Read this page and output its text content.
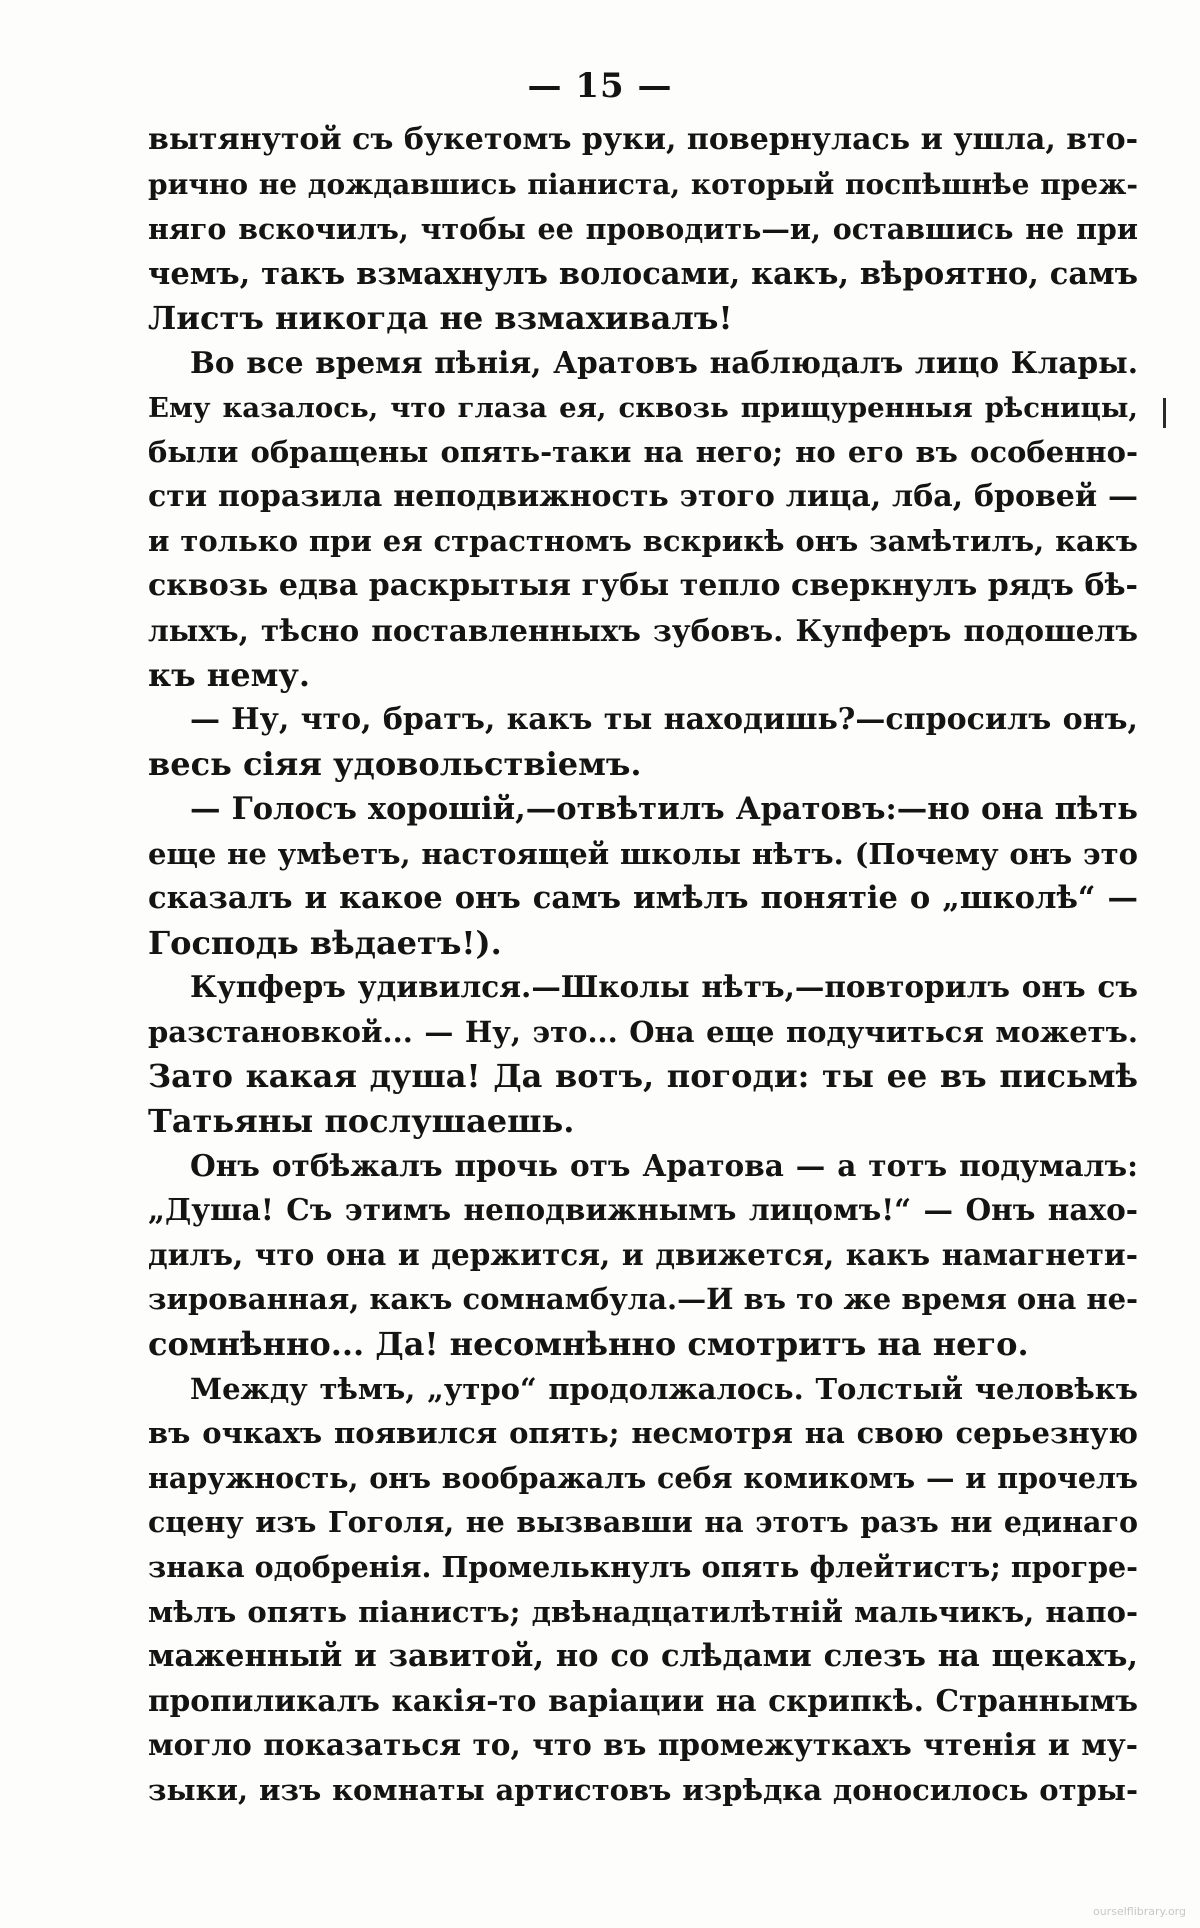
— 15 —
вытянутой съ букетомъ руки, повернулась и ушла, вто-
рично не дождавшись піаниста, который поспѣшнѣе преж-
няго вскочилъ, чтобы ее проводить—и, оставшись не при
чемъ, такъ взмахнулъ волосами, какъ, вѣроятно, самъ
Листъ никогда не взмахивалъ!
Во все время пѣнія, Аратовъ наблюдалъ лицо Клары.
Ему казалось, что глаза ея, сквозь прищуренныя рѣсницы,
были обращены опять-таки на него; но его въ особенно-
сти поразила неподвижность этого лица, лба, бровей —
и только при ея страстномъ вскрикѣ онъ замѣтилъ, какъ
сквозь едва раскрытыя губы тепло сверкнулъ рядъ бѣ-
лыхъ, тѣсно поставленныхъ зубовъ. Купферъ подошелъ
къ нему.
— Ну, что, братъ, какъ ты находишь?—спросилъ онъ,
весь сіяя удовольствіемъ.
— Голосъ хорошій,—отвѣтилъ Аратовъ:—но она пѣть
еще не умѣетъ, настоящей школы нѣтъ. (Почему онъ это
сказалъ и какое онъ самъ имѣлъ понятіе о „школѣ“ —
Господь вѣдаетъ!).
Купферъ удивился.—Школы нѣтъ,—повторилъ онъ съ
разстановкой... — Ну, это... Она еще подучиться можетъ.
Зато какая душа! Да вотъ, погоди: ты ее въ письмѣ
Татьяны послушаешь.
Онъ отбѣжалъ прочь отъ Аратова — а тотъ подумалъ:
„Душа! Съ этимъ неподвижнымъ лицомъ!“ — Онъ нахо-
дилъ, что она и держится, и движется, какъ намагнети-
зированная, какъ сомнамбула.—И въ то же время она не-
сомнѣнно... Да! несомнѣнно смотритъ на него.
Между тѣмъ, „утро“ продолжалось. Толстый человѣкъ
въ очкахъ появился опять; несмотря на свою серьезную
наружность, онъ воображалъ себя комикомъ — и прочелъ
сцену изъ Гоголя, не вызвавши на этотъ разъ ни единаго
знака одобренія. Промелькнулъ опять флейтистъ; прогре-
мѣлъ опять піанистъ; двѣнадцатилѣтній мальчикъ, напо-
маженный и завитой, но со слѣдами слезъ на щекахъ,
пропиликалъ какія-то варіации на скрипкѣ. Страннымъ
могло показаться то, что въ промежуткахъ чтенія и му-
зыки, изъ комнаты артистовъ изрѣдка доносилось отры-
ourselflibrary.org
